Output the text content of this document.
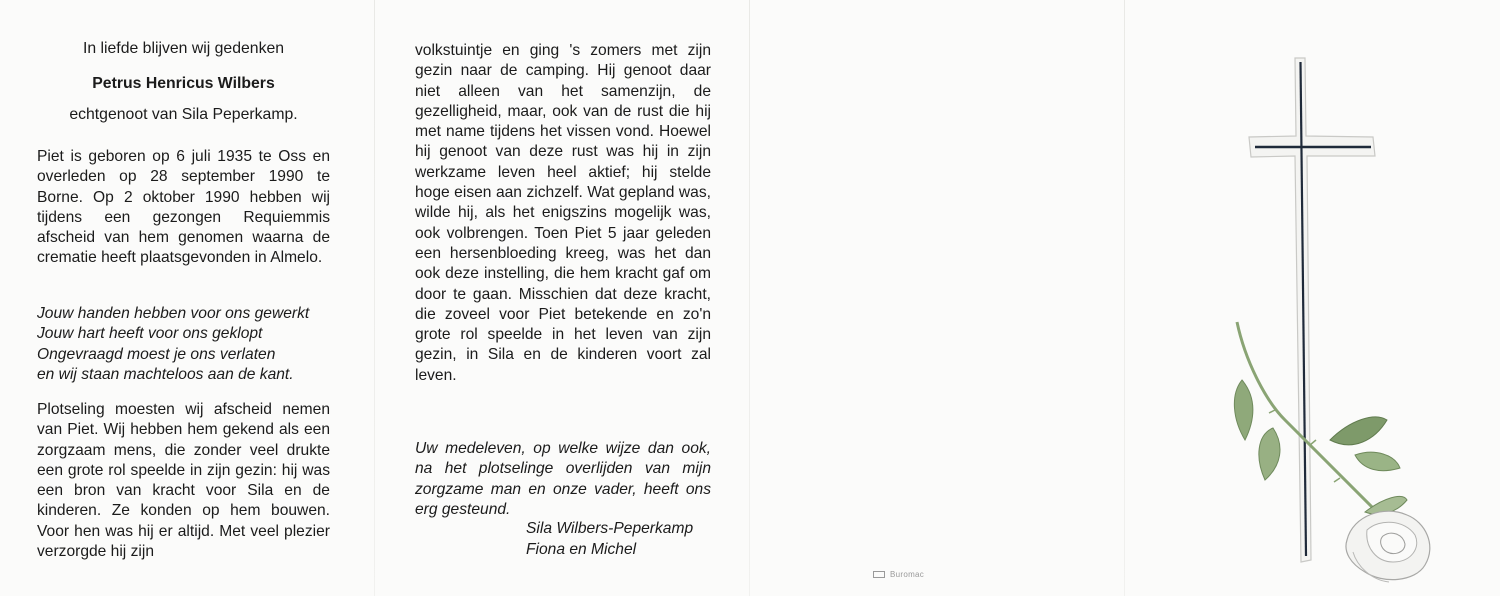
In liefde blijven wij gedenken
Petrus Henricus Wilbers
echtgenoot van Sila Peperkamp.
Piet is geboren op 6 juli 1935 te Oss en overleden op 28 september 1990 te Borne. Op 2 oktober 1990 hebben wij tijdens een gezongen Requiemmis afscheid van hem genomen waarna de crematie heeft plaatsgevonden in Almelo.
Jouw handen hebben voor ons gewerkt
Jouw hart heeft voor ons geklopt
Ongevraagd moest je ons verlaten
en wij staan machteloos aan de kant.
Plotseling moesten wij afscheid nemen van Piet. Wij hebben hem gekend als een zorgzaam mens, die zonder veel drukte een grote rol speelde in zijn gezin: hij was een bron van kracht voor Sila en de kinderen. Ze konden op hem bouwen. Voor hen was hij er altijd. Met veel plezier verzorgde hij zijn
volkstuintje en ging 's zomers met zijn gezin naar de camping. Hij genoot daar niet alleen van het samenzijn, de gezelligheid, maar, ook van de rust die hij met name tijdens het vissen vond. Hoewel hij genoot van deze rust was hij in zijn werkzame leven heel aktief; hij stelde hoge eisen aan zichzelf. Wat gepland was, wilde hij, als het enigszins mogelijk was, ook volbrengen. Toen Piet 5 jaar geleden een hersenbloeding kreeg, was het dan ook deze instelling, die hem kracht gaf om door te gaan. Misschien dat deze kracht, die zoveel voor Piet betekende en zo'n grote rol speelde in het leven van zijn gezin, in Sila en de kinderen voort zal leven.
Uw medeleven, op welke wijze dan ook, na het plotselinge overlijden van mijn zorgzame man en onze vader, heeft ons erg gesteund.
Sila Wilbers-Peperkamp
Fiona en Michel
Buromac
